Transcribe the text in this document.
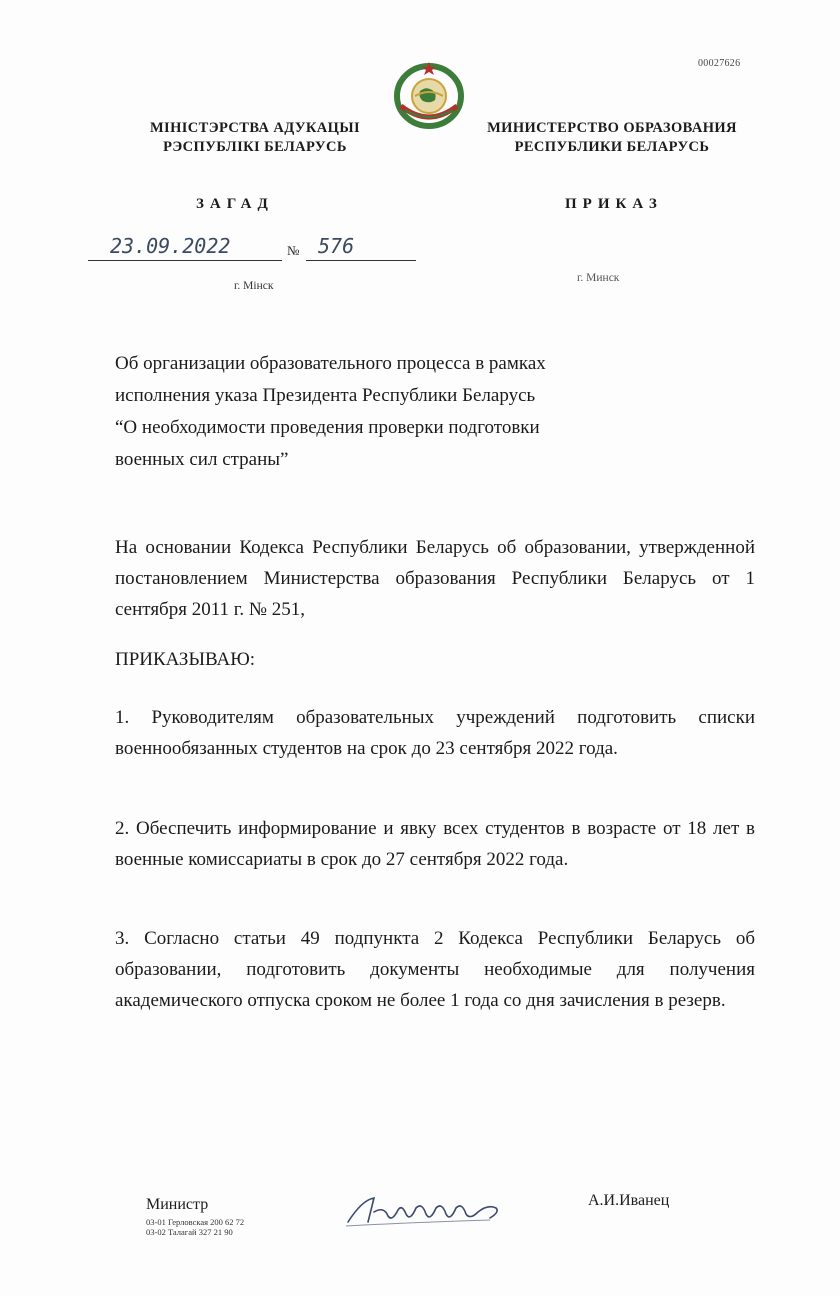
00027626
МІНІСТЭРСТВА АДУКАЦЫІ
РЭСПУБЛІКІ БЕЛАРУСЬ
МИНИСТЕРСТВО ОБРАЗОВАНИЯ
РЕСПУБЛИКИ БЕЛАРУСЬ
ЗАГАД	ПРИКАЗ
23.09.2022	№ 576
г. Мінск
г. Минск
Об организации образовательного процесса в рамках
исполнения указа Президента Республики Беларусь
“О необходимости проведения проверки подготовки
военных сил страны”
На основании Кодекса Республики Беларусь об образовании, утвержденной постановлением Министерства образования Республики Беларусь от 1 сентября 2011 г. № 251,
ПРИКАЗЫВАЮ:
1. Руководителям образовательных учреждений подготовить списки военнообязанных студентов на срок до 23 сентября 2022 года.
2. Обеспечить информирование и явку всех студентов в возрасте от 18 лет в военные комиссариаты в срок до 27 сентября 2022 года.
3. Согласно статьи 49 подпункта 2 Кодекса Республики Беларусь об образовании, подготовить документы необходимые для получения академического отпуска сроком не более 1 года со дня зачисления в резерв.
Министр
03-01 Герловская 200 62 72
03-02 Талагай 327 21 90
А.И.Иванец
